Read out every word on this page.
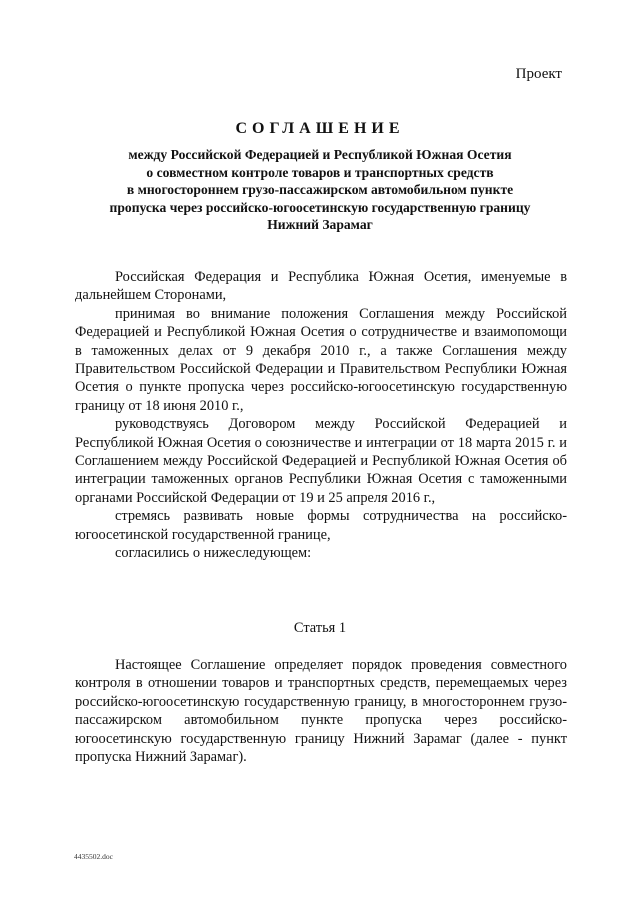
Проект
СОГЛАШЕНИЕ
между Российской Федерацией и Республикой Южная Осетия
о совместном контроле товаров и транспортных средств
в многостороннем грузо-пассажирском автомобильном пункте
пропуска через российско-югоосетинскую государственную границу
Нижний Зарамаг

Российская Федерация и Республика Южная Осетия, именуемые в дальнейшем Сторонами,

принимая во внимание положения Соглашения между Российской Федерацией и Республикой Южная Осетия о сотрудничестве и взаимопомощи в таможенных делах от 9 декабря 2010 г., а также Соглашения между Правительством Российской Федерации и Правительством Республики Южная Осетия о пункте пропуска через российско-югоосетинскую государственную границу от 18 июня 2010 г.,

руководствуясь Договором между Российской Федерацией и Республикой Южная Осетия о союзничестве и интеграции от 18 марта 2015 г. и Соглашением между Российской Федерацией и Республикой Южная Осетия об интеграции таможенных органов Республики Южная Осетия с таможенными органами Российской Федерации от 19 и 25 апреля 2016 г.,

стремясь развивать новые формы сотрудничества на российско-югоосетинской государственной границе,

согласились о нижеследующем:

Статья 1

Настоящее Соглашение определяет порядок проведения совместного контроля в отношении товаров и транспортных средств, перемещаемых через российско-югоосетинскую государственную границу, в многостороннем грузо-пассажирском автомобильном пункте пропуска через российско-югоосетинскую государственную границу Нижний Зарамаг (далее - пункт пропуска Нижний Зарамаг).

4435502.doc
